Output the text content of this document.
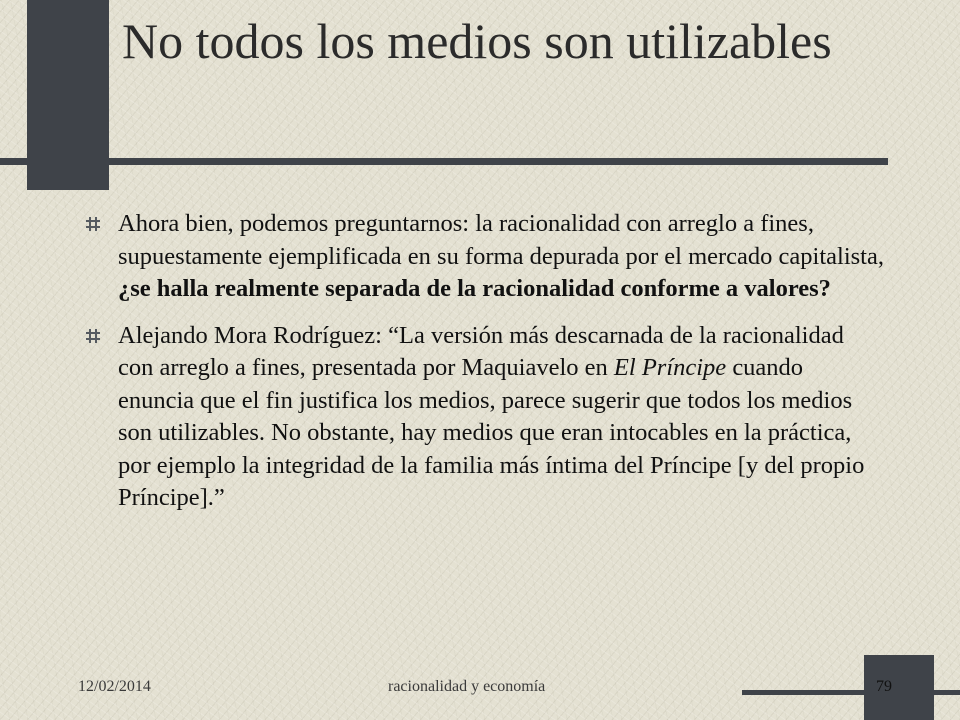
No todos los medios son utilizables
Ahora bien, podemos preguntarnos: la racionalidad con arreglo a fines, supuestamente ejemplificada en su forma depurada por el mercado capitalista, ¿se halla realmente separada de la racionalidad conforme a valores?
Alejando Mora Rodríguez: “La versión más descarnada de la racionalidad con arreglo a fines, presentada por Maquiavelo en El Príncipe cuando enuncia que el fin justifica los medios, parece sugerir que todos los medios son utilizables. No obstante, hay medios que eran intocables en la práctica, por ejemplo la integridad de la familia más íntima del Príncipe [y del propio Príncipe].”
12/02/2014	racionalidad y economía	79
